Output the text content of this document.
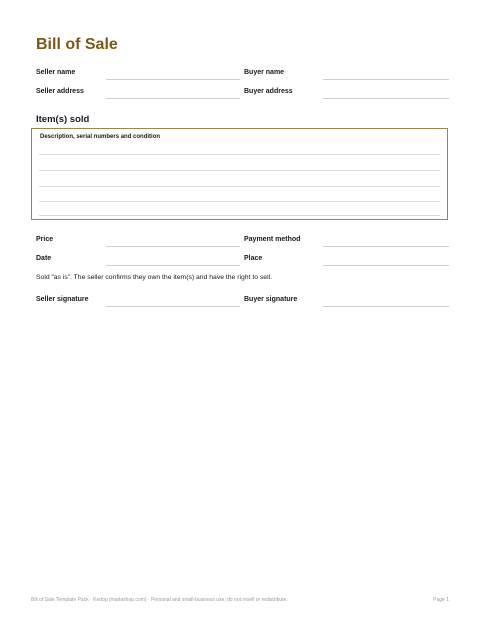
Bill of Sale
Seller name	Buyer name
Seller address	Buyer address
Item(s) sold
Description, serial numbers and condition
Price	Payment method
Date	Place
Sold “as is”. The seller confirms they own the item(s) and have the right to sell.
Seller signature	Buyer signature
Bill of Sale Template Pack · Kedop (marlashop.com) · Personal and small-business use; do not resell or redistribute.	Page 1
